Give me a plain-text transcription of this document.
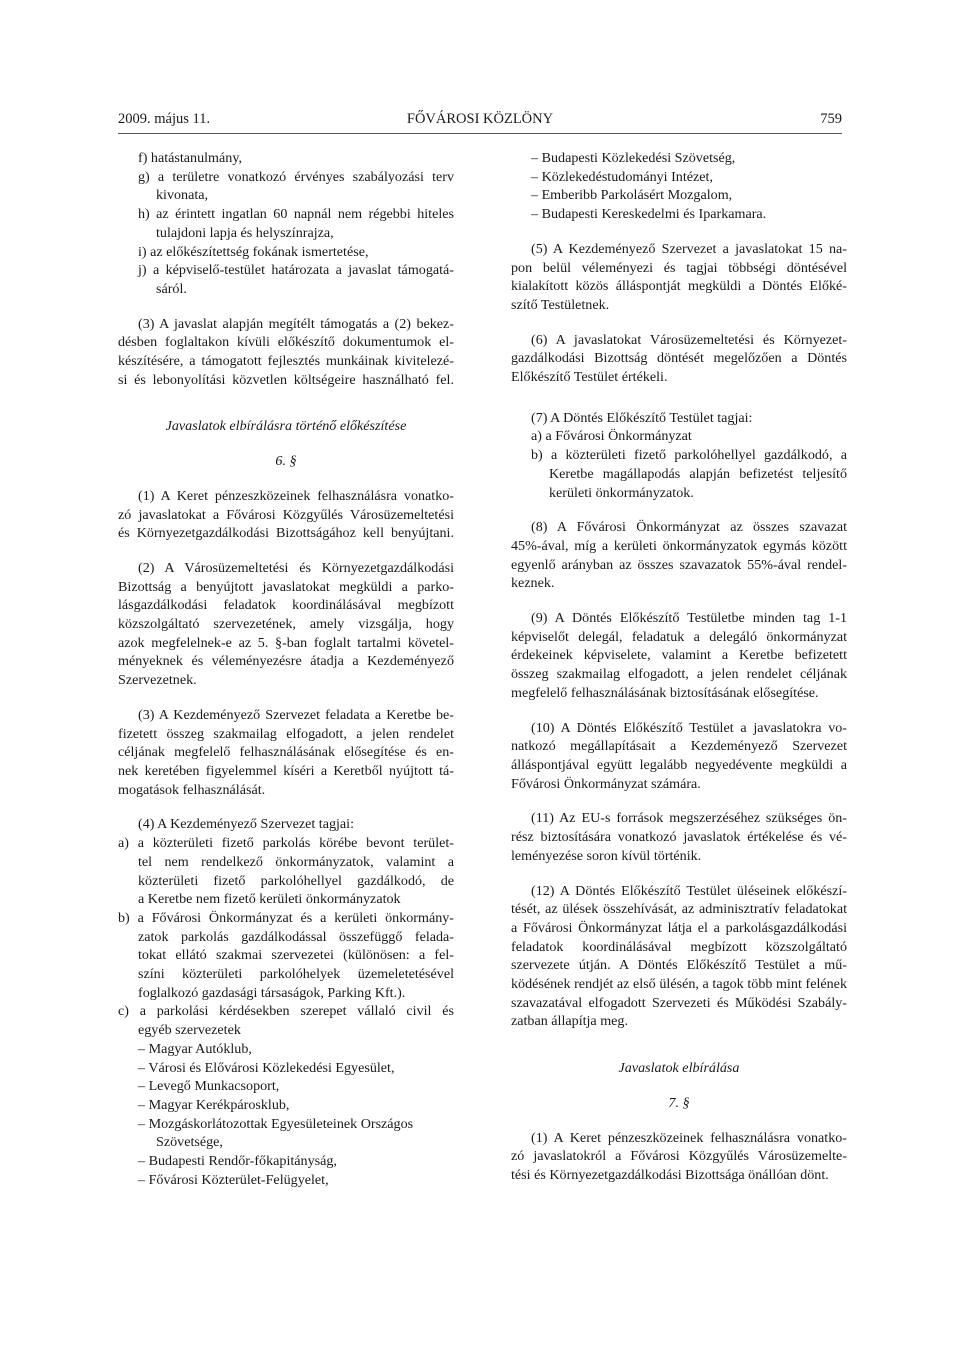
2009. május 11.	FŐVÁROSI KÖZLÖNY	759
f) hatástanulmány,
g) a területre vonatkozó érvényes szabályozási terv
kivonata,
h) az érintett ingatlan 60 napnál nem régebbi hiteles
tulajdoni lapja és helyszínrajza,
i) az előkészítettség fokának ismertetése,
j) a képviselő-testület határozata a javaslat támogatá-
sáról.
(3) A javaslat alapján megítélt támogatás a (2) bekez-
désben foglaltakon kívüli előkészítő dokumentumok el-
készítésére, a támogatott fejlesztés munkáinak kivitelezé-
si és lebonyolítási közvetlen költségeire használható fel.
Javaslatok elbírálásra történő előkészítése
6. §
(1) A Keret pénzeszközeinek felhasználásra vonatko-
zó javaslatokat a Fővárosi Közgyűlés Városüzemeltetési
és Környezetgazdálkodási Bizottságához kell benyújtani.
(2) A Városüzemeltetési és Környezetgazdálkodási
Bizottság a benyújtott javaslatokat megküldi a parko-
lásgazdálkodási feladatok koordinálásával megbízott
közszolgáltató szervezetének, amely vizsgálja, hogy
azok megfelelnek-e az 5. §-ban foglalt tartalmi követel-
ményeknek és véleményezésre átadja a Kezdeményező
Szervezetnek.
(3) A Kezdeményező Szervezet feladata a Keretbe be-
fizetett összeg szakmailag elfogadott, a jelen rendelet
céljának megfelelő felhasználásának elősegítése és en-
nek keretében figyelemmel kíséri a Keretből nyújtott tá-
mogatások felhasználását.
(4) A Kezdeményező Szervezet tagjai:
a) a közterületi fizető parkolás körébe bevont terület-
tel nem rendelkező önkormányzatok, valamint a
közterületi fizető parkolóhellyel gazdálkodó, de
a Keretbe nem fizető kerületi önkormányzatok
b) a Fővárosi Önkormányzat és a kerületi önkormány-
zatok parkolás gazdálkodással összefüggő felada-
tokat ellátó szakmai szervezetei (különösen: a fel-
színi közterületi parkolóhelyek üzemeletetésével
foglalkozó gazdasági társaságok, Parking Kft.).
c) a parkolási kérdésekben szerepet vállaló civil és
egyéb szervezetek
– Magyar Autóklub,
– Városi és Elővárosi Közlekedési Egyesület,
– Levegő Munkacsoport,
– Magyar Kerékpárosklub,
– Mozgáskorlátozottak Egyesületeinek Országos
Szövetsége,
– Budapesti Rendőr-főkapitányság,
– Fővárosi Közterület-Felügyelet,
– Budapesti Közlekedési Szövetség,
– Közlekedéstudományi Intézet,
– Emberibb Parkolásért Mozgalom,
– Budapesti Kereskedelmi és Iparkamara.
(5) A Kezdeményező Szervezet a javaslatokat 15 na-
pon belül véleményezi és tagjai többségi döntésével
kialakított közös álláspontját megküldi a Döntés Előké-
szítő Testületnek.
(6) A javaslatokat Városüzemeltetési és Környezet-
gazdálkodási Bizottság döntését megelőzően a Döntés
Előkészítő Testület értékeli.
(7) A Döntés Előkészítő Testület tagjai:
a) a Fővárosi Önkormányzat
b) a közterületi fizető parkolóhellyel gazdálkodó, a
Keretbe magállapodás alapján befizetést teljesítő
kerületi önkormányzatok.
(8) A Fővárosi Önkormányzat az összes szavazat
45%-ával, míg a kerületi önkormányzatok egymás között
egyenlő arányban az összes szavazatok 55%-ával rendel-
keznek.
(9) A Döntés Előkészítő Testületbe minden tag 1-1
képviselőt delegál, feladatuk a delegáló önkormányzat
érdekeinek képviselete, valamint a Keretbe befizetett
összeg szakmailag elfogadott, a jelen rendelet céljának
megfelelő felhasználásának biztosításának elősegítése.
(10) A Döntés Előkészítő Testület a javaslatokra vo-
natkozó megállapításait a Kezdeményező Szervezet
álláspontjával együtt legalább negyedévente megküldi a
Fővárosi Önkormányzat számára.
(11) Az EU-s források megszerzéséhez szükséges ön-
rész biztosítására vonatkozó javaslatok értékelése és vé-
leményezése soron kívül történik.
(12) A Döntés Előkészítő Testület üléseinek előkészí-
tését, az ülések összehívását, az adminisztratív feladatokat
a Fővárosi Önkormányzat látja el a parkolásgazdálkodási
feladatok koordinálásával megbízott közszolgáltató
szervezete útján. A Döntés Előkészítő Testület a mű-
ködésének rendjét az első ülésén, a tagok több mint felének
szavazatával elfogadott Szervezeti és Működési Szabály-
zatban állapítja meg.
Javaslatok elbírálása
7. §
(1) A Keret pénzeszközeinek felhasználásra vonatko-
zó javaslatokról a Fővárosi Közgyűlés Városüzemelte-
tési és Környezetgazdálkodási Bizottsága önállóan dönt.
